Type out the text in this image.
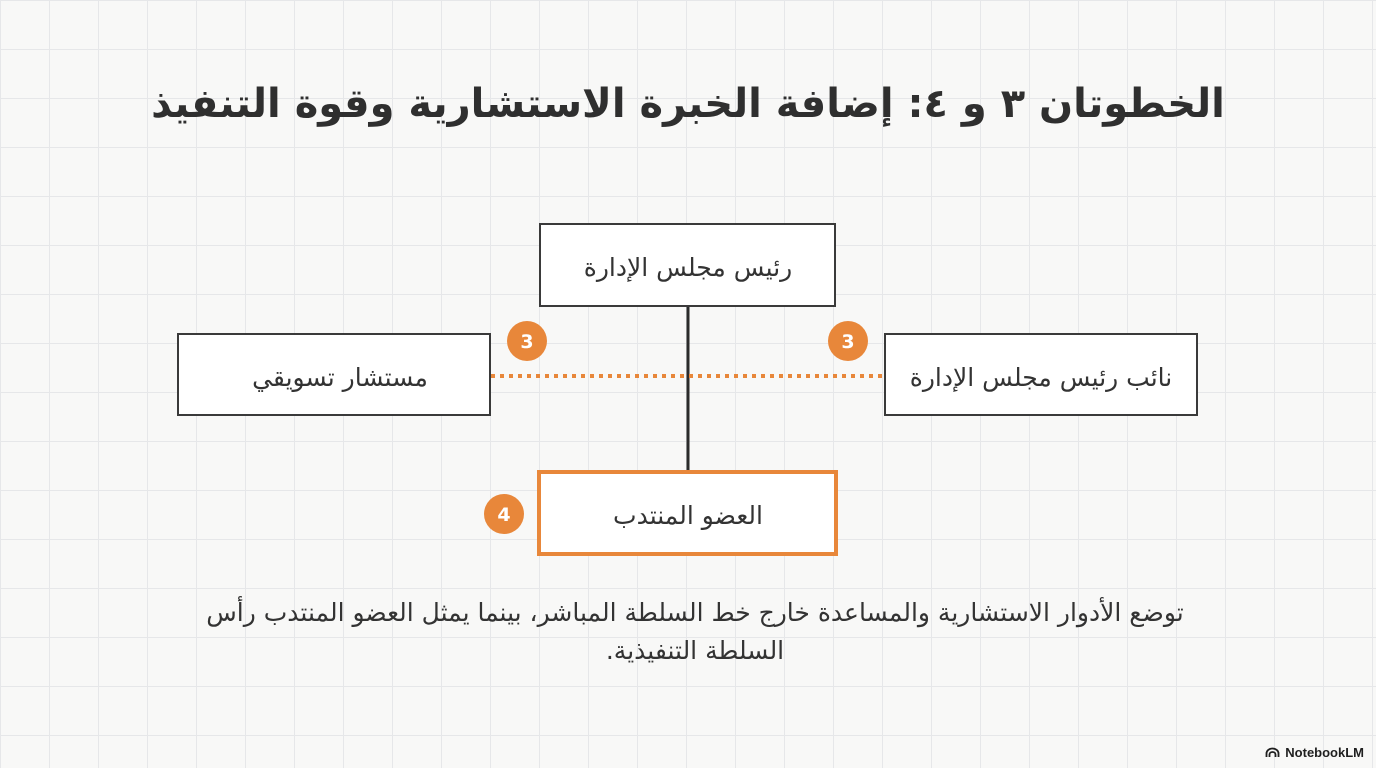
الخطوتان ٣ و ٤: إضافة الخبرة الاستشارية وقوة التنفيذ
رئيس مجلس الإدارة
مستشار تسويقي	نائب رئيس مجلس الإدارة
العضو المنتدب
3	3
4

توضع الأدوار الاستشارية والمساعدة خارج خط السلطة المباشر، بينما يمثل العضو المنتدب رأس السلطة التنفيذية.

NotebookLM
